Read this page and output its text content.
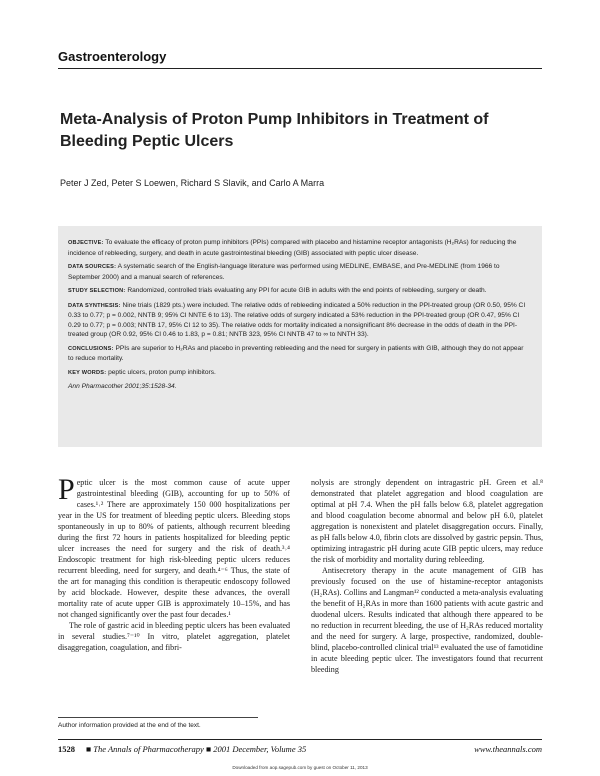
Gastroenterology
Meta-Analysis of Proton Pump Inhibitors in Treatment of Bleeding Peptic Ulcers
Peter J Zed, Peter S Loewen, Richard S Slavik, and Carlo A Marra

OBJECTIVE: To evaluate the efficacy of proton pump inhibitors (PPIs) compared with placebo and histamine receptor antagonists (H₂RAs) for reducing the incidence of rebleeding, surgery, and death in acute gastrointestinal bleeding (GIB) associated with peptic ulcer disease.

DATA SOURCES: A systematic search of the English-language literature was performed using MEDLINE, EMBASE, and Pre-MEDLINE (from 1966 to September 2000) and a manual search of references.

STUDY SELECTION: Randomized, controlled trials evaluating any PPI for acute GIB in adults with the end points of rebleeding, surgery or death.

DATA SYNTHESIS: Nine trials (1829 pts.) were included. The relative odds of rebleeding indicated a 50% reduction in the PPI-treated group (OR 0.50, 95% CI 0.33 to 0.77; p = 0.002, NNTB 9; 95% CI NNTE 6 to 13). The relative odds of surgery indicated a 53% reduction in the PPI-treated group (OR 0.47, 95% CI 0.29 to 0.77; p = 0.003; NNTB 17, 95% CI 12 to 35). The relative odds for mortality indicated a nonsignificant 8% decrease in the odds of death in the PPI-treated group (OR 0.92, 95% CI 0.46 to 1.83, p = 0.81; NNTB 323, 95% CI NNTB 47 to ∞ to NNTH 33).

CONCLUSIONS: PPIs are superior to H₂RAs and placebo in preventing rebleeding and the need for surgery in patients with GIB, although they do not appear to reduce mortality.

KEY WORDS: peptic ulcers, proton pump inhibitors.

Ann Pharmacother 2001;35:1528-34.

Peptic ulcer is the most common cause of acute upper gastrointestinal bleeding (GIB), accounting for up to 50% of cases.¹˒² There are approximately 150 000 hospitalizations per year in the US for treatment of bleeding peptic ulcers. Bleeding stops spontaneously in up to 80% of patients, although recurrent bleeding during the first 72 hours in patients hospitalized for bleeding peptic ulcer increases the need for surgery and the risk of death.³˒⁴ Endoscopic treatment for high risk-bleeding peptic ulcers reduces recurrent bleeding, need for surgery, and death.⁴⁻⁶ Thus, the state of the art for managing this condition is therapeutic endoscopy followed by acid blockade. However, despite these advances, the overall mortality rate of acute upper GIB is approximately 10–15%, and has not changed significantly over the past four decades.¹

The role of gastric acid in bleeding peptic ulcers has been evaluated in several studies.⁷⁻¹⁰ In vitro, platelet aggregation, platelet disaggregation, coagulation, and fibri-

nolysis are strongly dependent on intragastric pH. Green et al.⁸ demonstrated that platelet aggregation and blood coagulation are optimal at pH 7.4. When the pH falls below 6.8, platelet aggregation and blood coagulation become abnormal and below pH 6.0, platelet aggregation is nonexistent and platelet disaggregation occurs. Finally, as pH falls below 4.0, fibrin clots are dissolved by gastric pepsin. Thus, optimizing intragastric pH during acute GIB peptic ulcers, may reduce the risk of morbidity and mortality during rebleeding.

Antisecretory therapy in the acute management of GIB has previously focused on the use of histamine-receptor antagonists (H₂RAs). Collins and Langman¹² conducted a meta-analysis evaluating the benefit of H₂RAs in more than 1600 patients with acute gastric and duodenal ulcers. Results indicated that although there appeared to be no reduction in recurrent bleeding, the use of H₂RAs reduced mortality and the need for surgery. A large, prospective, randomized, double-blind, placebo-controlled clinical trial¹³ evaluated the use of famotidine in acute bleeding peptic ulcer. The investigators found that recurrent bleeding

Author information provided at the end of the text.
1528 ■ The Annals of Pharmacotherapy ■ 2001 December, Volume 35	www.theannals.com
Downloaded from aop.sagepub.com by guest on October 11, 2013
